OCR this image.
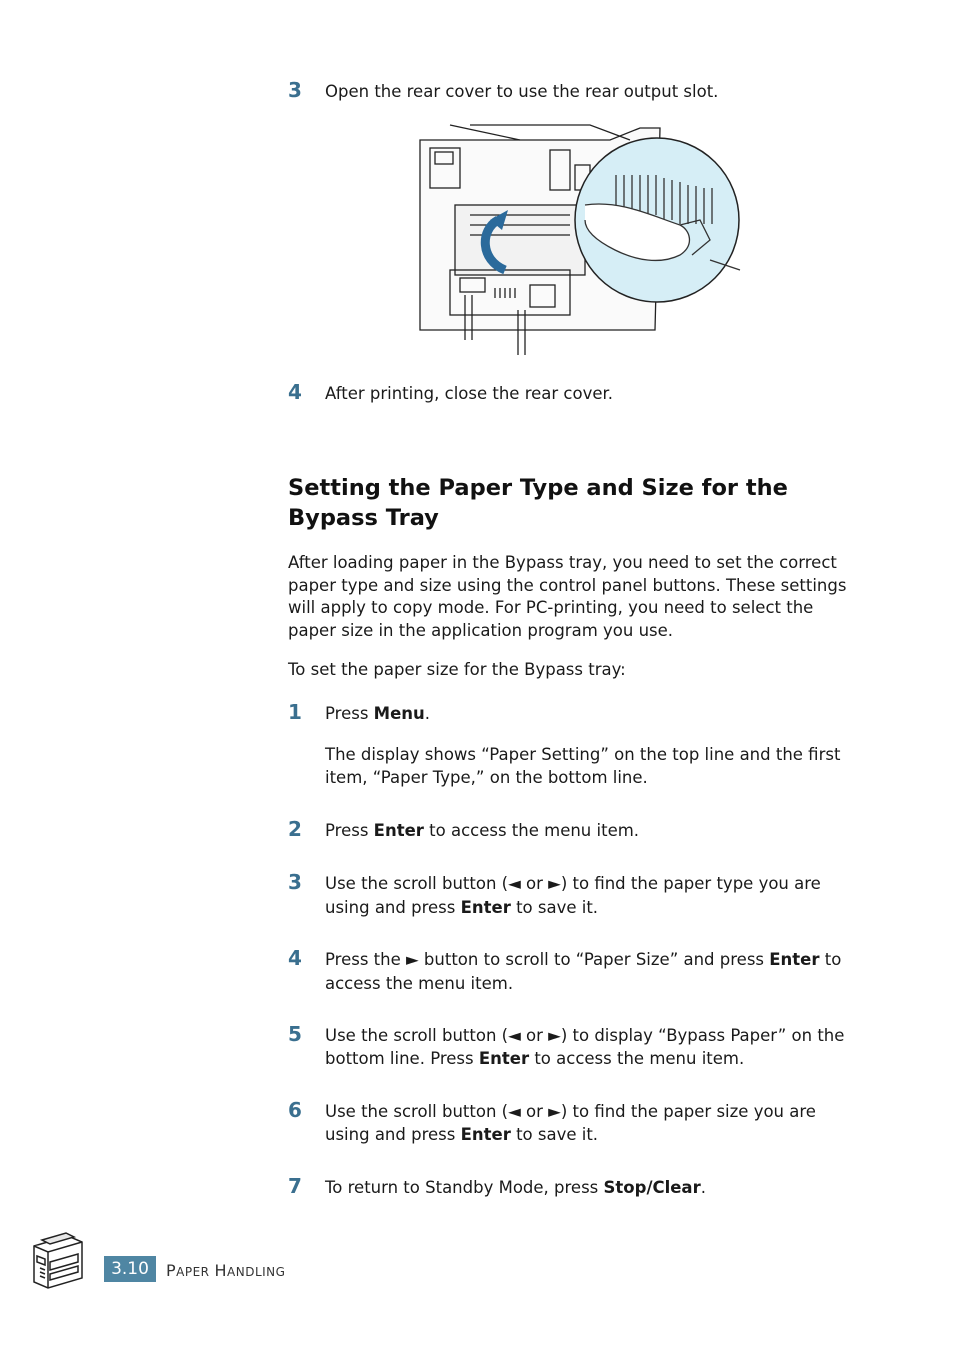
3 Open the rear cover to use the rear output slot.
4 After printing, close the rear cover.
Setting the Paper Type and Size for the Bypass Tray
After loading paper in the Bypass tray, you need to set the correct paper type and size using the control panel buttons. These settings will apply to copy mode. For PC-printing, you need to select the paper size in the application program you use.
To set the paper size for the Bypass tray:
1 Press Menu.
The display shows “Paper Setting” on the top line and the first item, “Paper Type,” on the bottom line.
2 Press Enter to access the menu item.
3 Use the scroll button (◄ or ►) to find the paper type you are using and press Enter to save it.
4 Press the ► button to scroll to “Paper Size” and press Enter to access the menu item.
5 Use the scroll button (◄ or ►) to display “Bypass Paper” on the bottom line. Press Enter to access the menu item.
6 Use the scroll button (◄ or ►) to find the paper size you are using and press Enter to save it.
7 To return to Standby Mode, press Stop/Clear.
3.10	PAPER HANDLING
